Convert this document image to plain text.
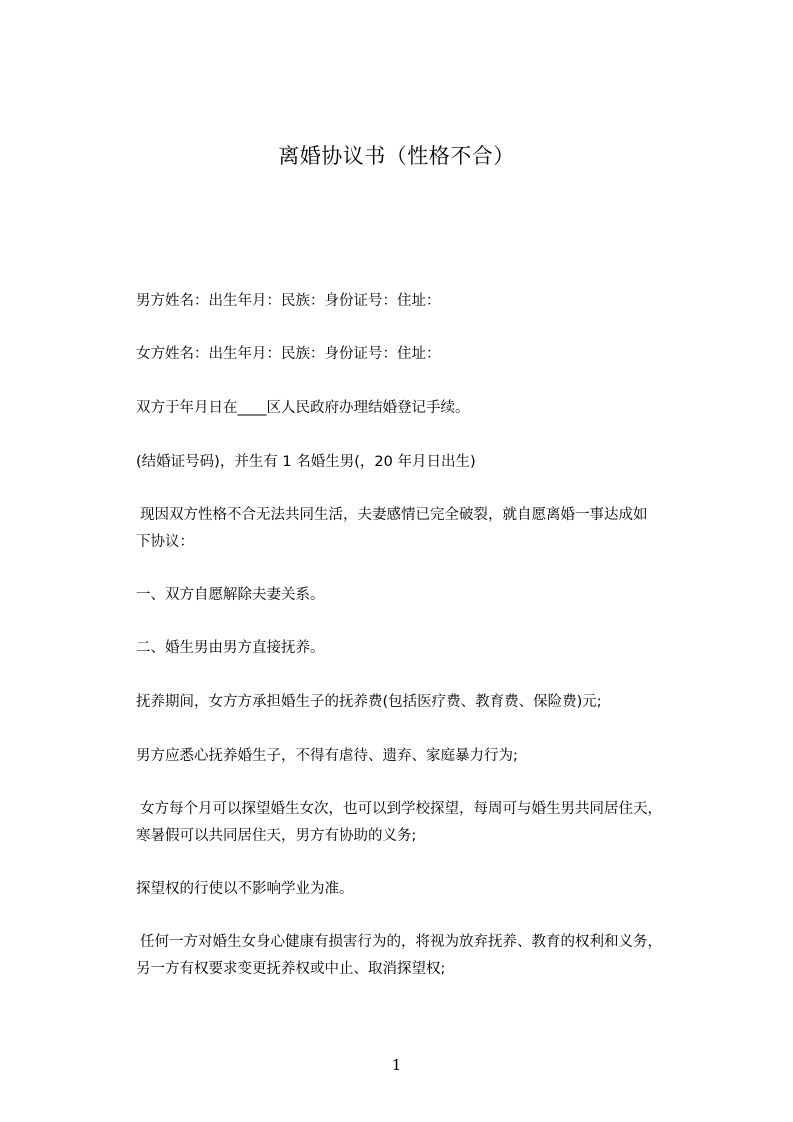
离婚协议书（性格不合）
男方姓名：出生年月：民族：身份证号：住址：
女方姓名：出生年月：民族：身份证号：住址：
双方于年月日在____区人民政府办理结婚登记手续。
(结婚证号码)，并生有 1 名婚生男(，20 年月日出生)
现因双方性格不合无法共同生活，夫妻感情已完全破裂，就自愿离婚一事达成如
下协议：
一、双方自愿解除夫妻关系。
二、婚生男由男方直接抚养。
抚养期间，女方方承担婚生子的抚养费(包括医疗费、教育费、保险费)元;
男方应悉心抚养婚生子，不得有虐待、遗弃、家庭暴力行为;
女方每个月可以探望婚生女次，也可以到学校探望，每周可与婚生男共同居住天，
寒暑假可以共同居住天，男方有协助的义务;
探望权的行使以不影响学业为准。
任何一方对婚生女身心健康有损害行为的，将视为放弃抚养、教育的权利和义务，
另一方有权要求变更抚养权或中止、取消探望权;
1
